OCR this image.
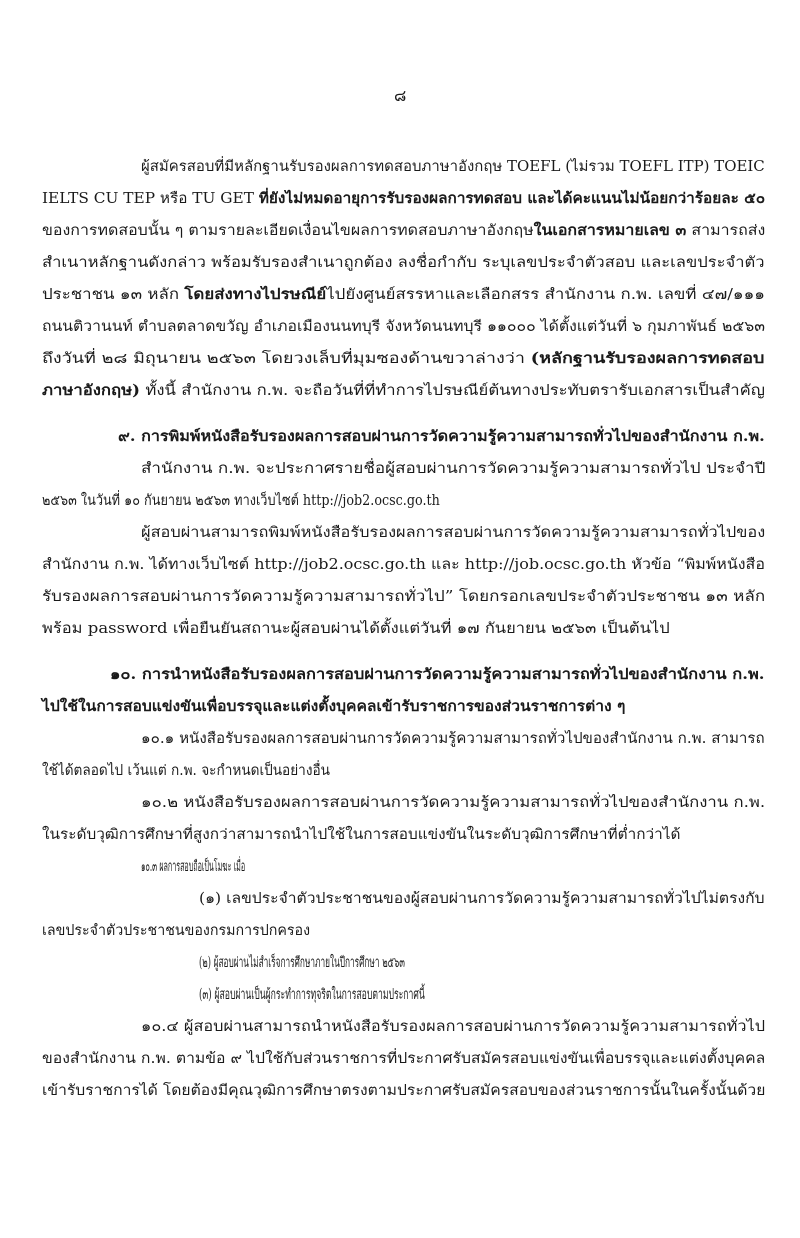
๘
ผู้สมัครสอบที่มีหลักฐานรับรองผลการทดสอบภาษาอังกฤษ TOEFL (ไม่รวม TOEFL ITP) TOEIC
IELTS CU TEP หรือ TU GET ที่ยังไม่หมดอายุการรับรองผลการทดสอบ และได้คะแนนไม่น้อยกว่าร้อยละ ๕๐
ของการทดสอบนั้น ๆ ตามรายละเอียดเงื่อนไขผลการทดสอบภาษาอังกฤษในเอกสารหมายเลข ๓ สามารถส่ง
สำเนาหลักฐานดังกล่าว พร้อมรับรองสำเนาถูกต้อง ลงชื่อกำกับ ระบุเลขประจำตัวสอบ และเลขประจำตัว
ประชาชน ๑๓ หลัก โดยส่งทางไปรษณีย์ไปยังศูนย์สรรหาและเลือกสรร สำนักงาน ก.พ. เลขที่ ๔๗/๑๑๑
ถนนติวานนท์ ตำบลตลาดขวัญ อำเภอเมืองนนทบุรี จังหวัดนนทบุรี ๑๑๐๐๐ ได้ตั้งแต่วันที่ ๖ กุมภาพันธ์ ๒๕๖๓
ถึงวันที่ ๒๘ มิถุนายน ๒๕๖๓ โดยวงเล็บที่มุมซองด้านขวาล่างว่า (หลักฐานรับรองผลการทดสอบ
ภาษาอังกฤษ) ทั้งนี้ สำนักงาน ก.พ. จะถือวันที่ที่ทำการไปรษณีย์ต้นทางประทับตรารับเอกสารเป็นสำคัญ
๙. การพิมพ์หนังสือรับรองผลการสอบผ่านการวัดความรู้ความสามารถทั่วไปของสำนักงาน ก.พ.
สำนักงาน ก.พ. จะประกาศรายชื่อผู้สอบผ่านการวัดความรู้ความสามารถทั่วไป ประจำปี
๒๕๖๓ ในวันที่ ๑๐ กันยายน ๒๕๖๓ ทางเว็บไซต์ http://job2.ocsc.go.th
ผู้สอบผ่านสามารถพิมพ์หนังสือรับรองผลการสอบผ่านการวัดความรู้ความสามารถทั่วไปของ
สำนักงาน ก.พ. ได้ทางเว็บไซต์ http://job2.ocsc.go.th และ http://job.ocsc.go.th หัวข้อ “พิมพ์หนังสือ
รับรองผลการสอบผ่านการวัดความรู้ความสามารถทั่วไป” โดยกรอกเลขประจำตัวประชาชน ๑๓ หลัก
พร้อม password เพื่อยืนยันสถานะผู้สอบผ่านได้ตั้งแต่วันที่ ๑๗ กันยายน ๒๕๖๓ เป็นต้นไป
๑๐. การนำหนังสือรับรองผลการสอบผ่านการวัดความรู้ความสามารถทั่วไปของสำนักงาน ก.พ.
ไปใช้ในการสอบแข่งขันเพื่อบรรจุและแต่งตั้งบุคคลเข้ารับราชการของส่วนราชการต่าง ๆ
๑๐.๑ หนังสือรับรองผลการสอบผ่านการวัดความรู้ความสามารถทั่วไปของสำนักงาน ก.พ. สามารถ
ใช้ได้ตลอดไป เว้นแต่ ก.พ. จะกำหนดเป็นอย่างอื่น
๑๐.๒ หนังสือรับรองผลการสอบผ่านการวัดความรู้ความสามารถทั่วไปของสำนักงาน ก.พ.
ในระดับวุฒิการศึกษาที่สูงกว่าสามารถนำไปใช้ในการสอบแข่งขันในระดับวุฒิการศึกษาที่ต่ำกว่าได้
๑๐.๓ ผลการสอบถือเป็นโมฆะ เมื่อ
(๑) เลขประจำตัวประชาชนของผู้สอบผ่านการวัดความรู้ความสามารถทั่วไปไม่ตรงกับ
เลขประจำตัวประชาชนของกรมการปกครอง
(๒) ผู้สอบผ่านไม่สำเร็จการศึกษาภายในปีการศึกษา ๒๕๖๓
(๓) ผู้สอบผ่านเป็นผู้กระทำการทุจริตในการสอบตามประกาศนี้
๑๐.๔ ผู้สอบผ่านสามารถนำหนังสือรับรองผลการสอบผ่านการวัดความรู้ความสามารถทั่วไป
ของสำนักงาน ก.พ. ตามข้อ ๙ ไปใช้กับส่วนราชการที่ประกาศรับสมัครสอบแข่งขันเพื่อบรรจุและแต่งตั้งบุคคล
เข้ารับราชการได้ โดยต้องมีคุณวุฒิการศึกษาตรงตามประกาศรับสมัครสอบของส่วนราชการนั้นในครั้งนั้นด้วย
